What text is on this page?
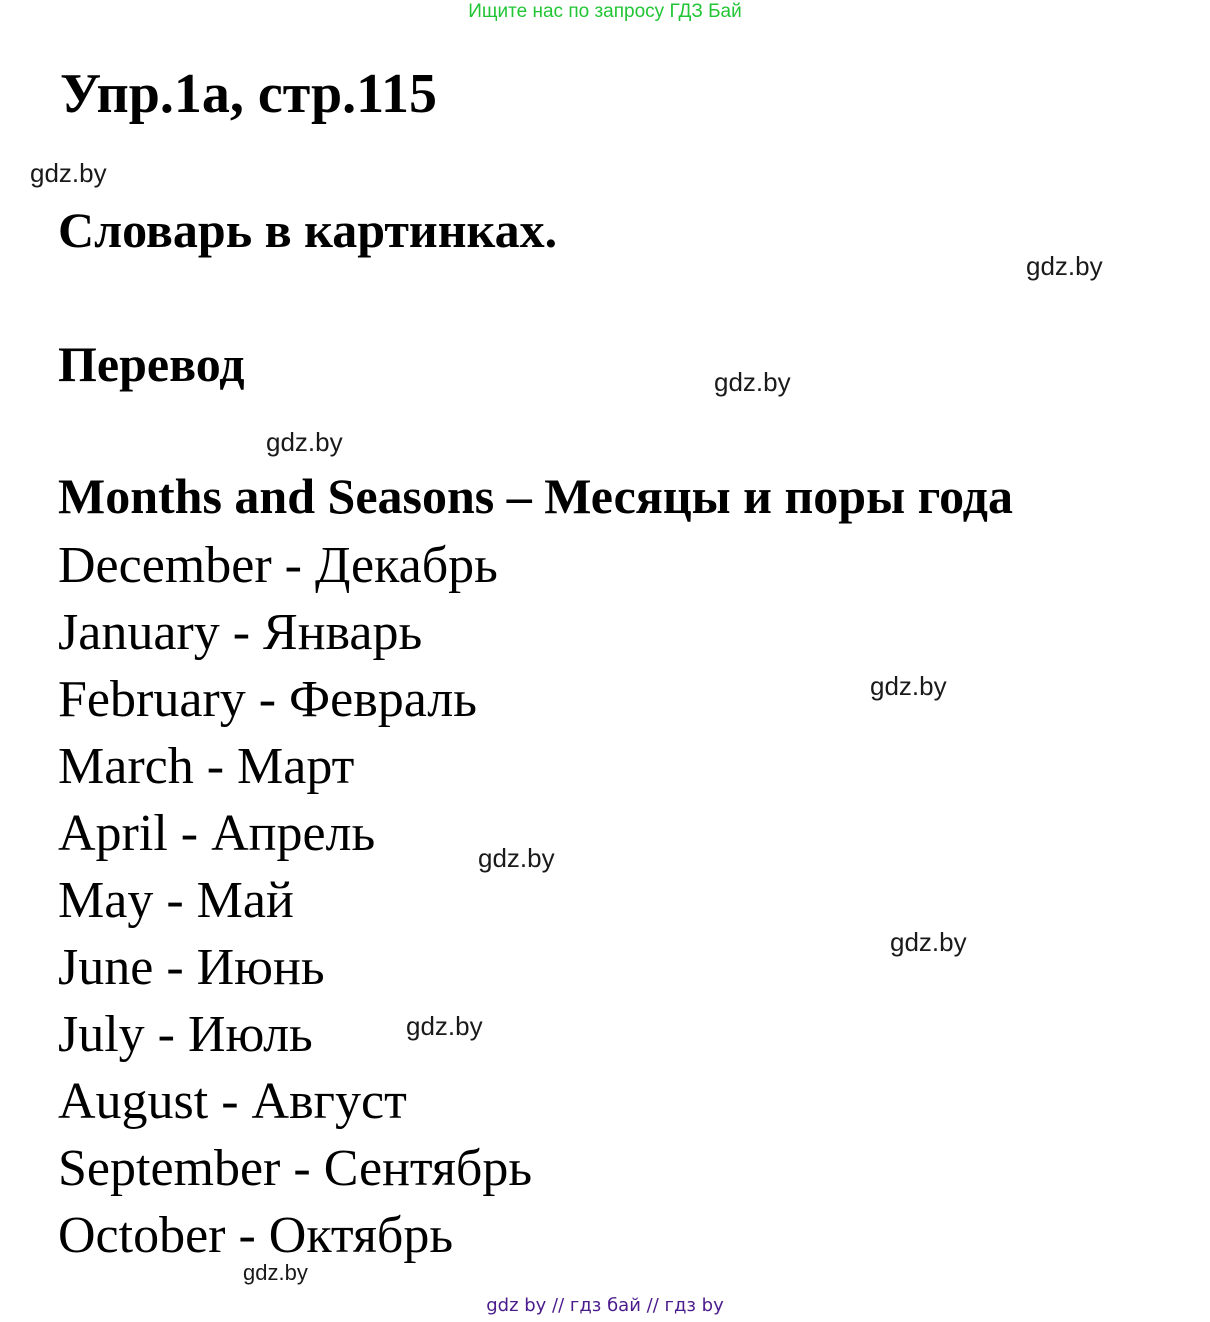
Ищите нас по запросу ГДЗ Бай
Упр.1а, стр.115
Словарь в картинках.
Перевод
Months and Seasons – Месяцы и поры года
December - Декабрь
January - Январь
February - Февраль
March - Март
April - Апрель
May - Май
June - Июнь
July - Июль
August - Август
September - Сентябрь
October - Октябрь
gdz.by
gdz.by
gdz.by
gdz.by
gdz.by
gdz.by
gdz.by
gdz.by
gdz.by
gdz by // гдз бай // гдз by
